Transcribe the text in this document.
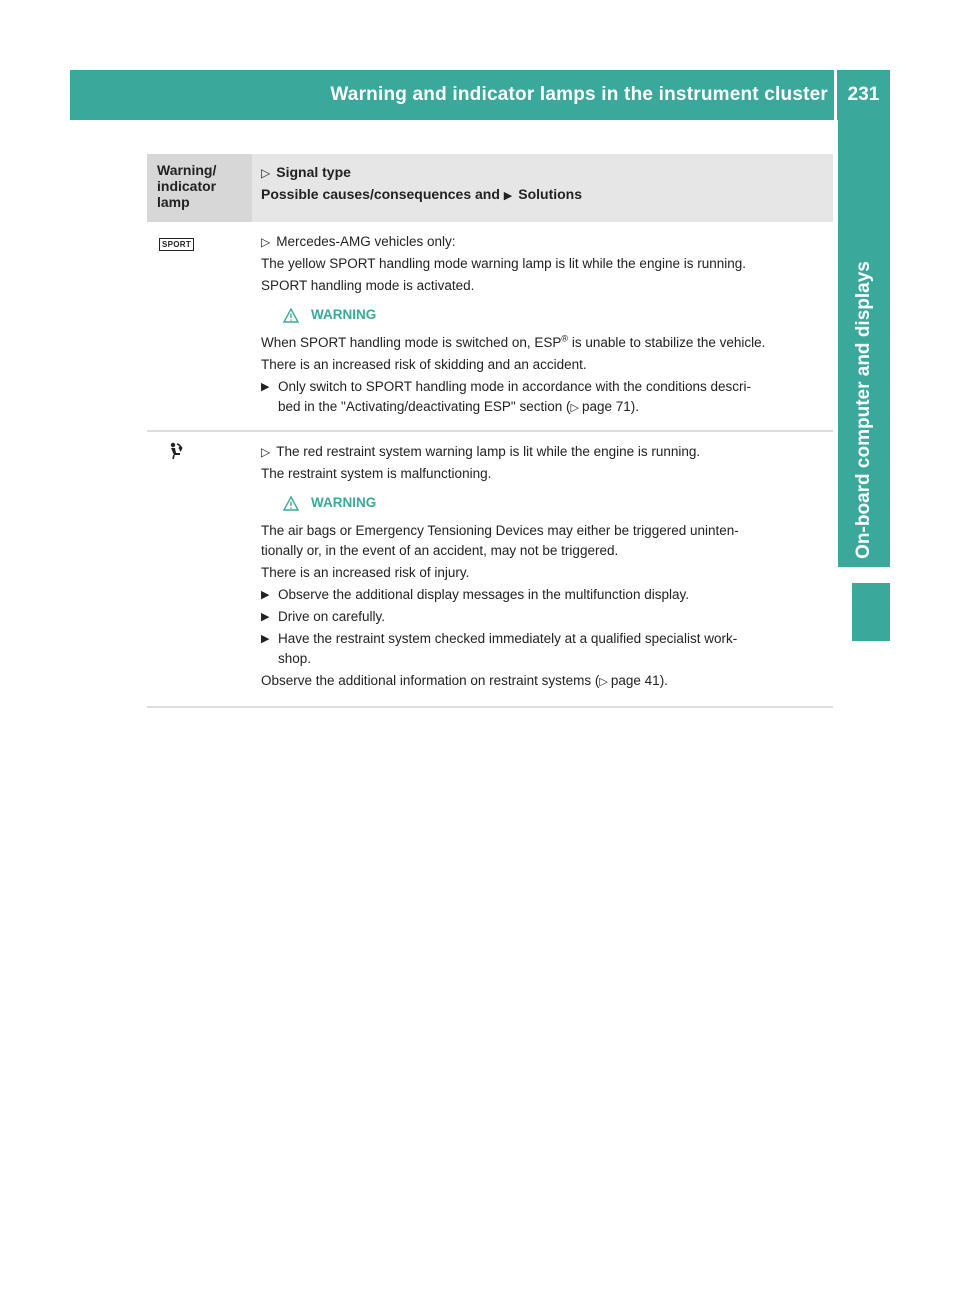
Warning and indicator lamps in the instrument cluster	231
On-board computer and displays
Warning/
indicator
lamp
▷ Signal type
Possible causes/consequences and ▶ Solutions
SPORT	▷ Mercedes-AMG vehicles only:

The yellow SPORT handling mode warning lamp is lit while the engine is running.

SPORT handling mode is activated.

WARNING

When SPORT handling mode is switched on, ESP® is unable to stabilize the vehicle.

There is an increased risk of skidding and an accident.

▶ Only switch to SPORT handling mode in accordance with the conditions descri-
bed in the "Activating/deactivating ESP" section (▷ page 71).

▷ The red restraint system warning lamp is lit while the engine is running.

The restraint system is malfunctioning.

WARNING

The air bags or Emergency Tensioning Devices may either be triggered uninten-

tionally or, in the event of an accident, may not be triggered.

There is an increased risk of injury.

▶ Observe the additional display messages in the multifunction display.
▶ Drive on carefully.
▶ Have the restraint system checked immediately at a qualified specialist work-
shop.

Observe the additional information on restraint systems (▷ page 41).
